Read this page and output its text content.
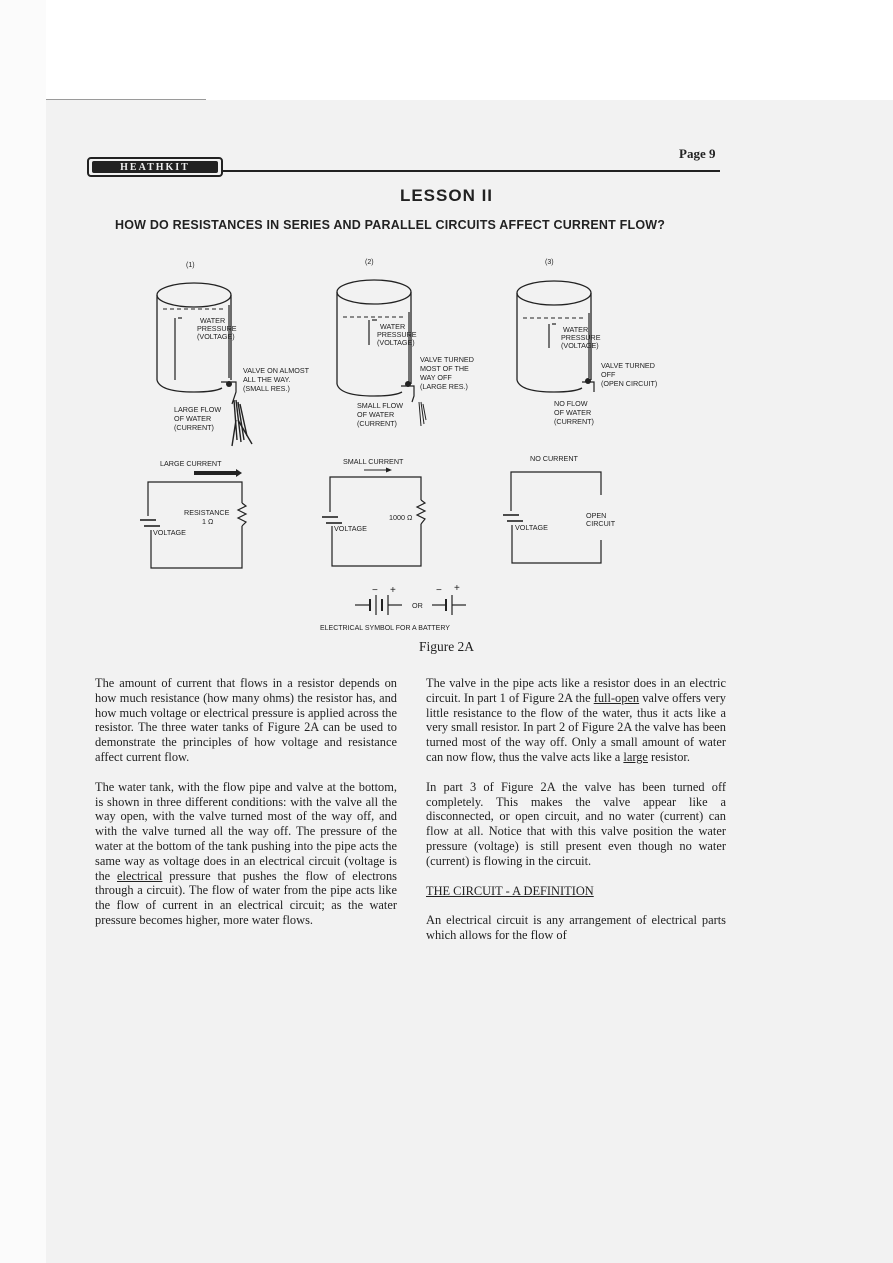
HEATHKIT
Page 9
LESSON II
HOW DO RESISTANCES IN SERIES AND PARALLEL CIRCUITS AFFECT CURRENT FLOW?
(1)
WATER
PRESSURE
(VOLTAGE)
VALVE ON ALMOST
ALL THE WAY.
(SMALL RES.)
LARGE FLOW
OF WATER
(CURRENT)
LARGE CURRENT
RESISTANCE
1 Ω
VOLTAGE
(2)
WATER
PRESSURE
(VOLTAGE)
VALVE TURNED
MOST OF THE
WAY OFF
(LARGE RES.)
SMALL FLOW
OF WATER
(CURRENT)
SMALL CURRENT
1000 Ω
VOLTAGE
(3)
WATER
PRESSURE
(VOLTAGE)
VALVE TURNED
OFF
(OPEN CIRCUIT)
NO FLOW
OF WATER
(CURRENT)
NO CURRENT
OPEN
CIRCUIT
VOLTAGE
− +
OR
− +
ELECTRICAL SYMBOL FOR A BATTERY
Figure 2A

The amount of current that flows in a resistor depends on how much resistance (how many ohms) the resistor has, and how much voltage or electrical pressure is applied across the resistor. The three water tanks of Figure 2A can be used to demonstrate the principles of how voltage and resistance affect current flow.

The water tank, with the flow pipe and valve at the bottom, is shown in three different conditions: with the valve all the way open, with the valve turned most of the way off, and with the valve turned all the way off. The pressure of the water at the bottom of the tank pushing into the pipe acts the same way as voltage does in an electrical circuit (voltage is the electrical pressure that pushes the flow of electrons through a circuit). The flow of water from the pipe acts like the flow of current in an electrical circuit; as the water pressure becomes higher, more water flows.

The valve in the pipe acts like a resistor does in an electric circuit. In part 1 of Figure 2A the full-open valve offers very little resistance to the flow of the water, thus it acts like a very small resistor. In part 2 of Figure 2A the valve has been turned most of the way off. Only a small amount of water can now flow, thus the valve acts like a large resistor.

In part 3 of Figure 2A the valve has been turned off completely. This makes the valve appear like a disconnected, or open circuit, and no water (current) can flow at all. Notice that with this valve position the water pressure (voltage) is still present even though no water (current) is flowing in the circuit.

THE CIRCUIT - A DEFINITION

An electrical circuit is any arrangement of electrical parts which allows for the flow of
